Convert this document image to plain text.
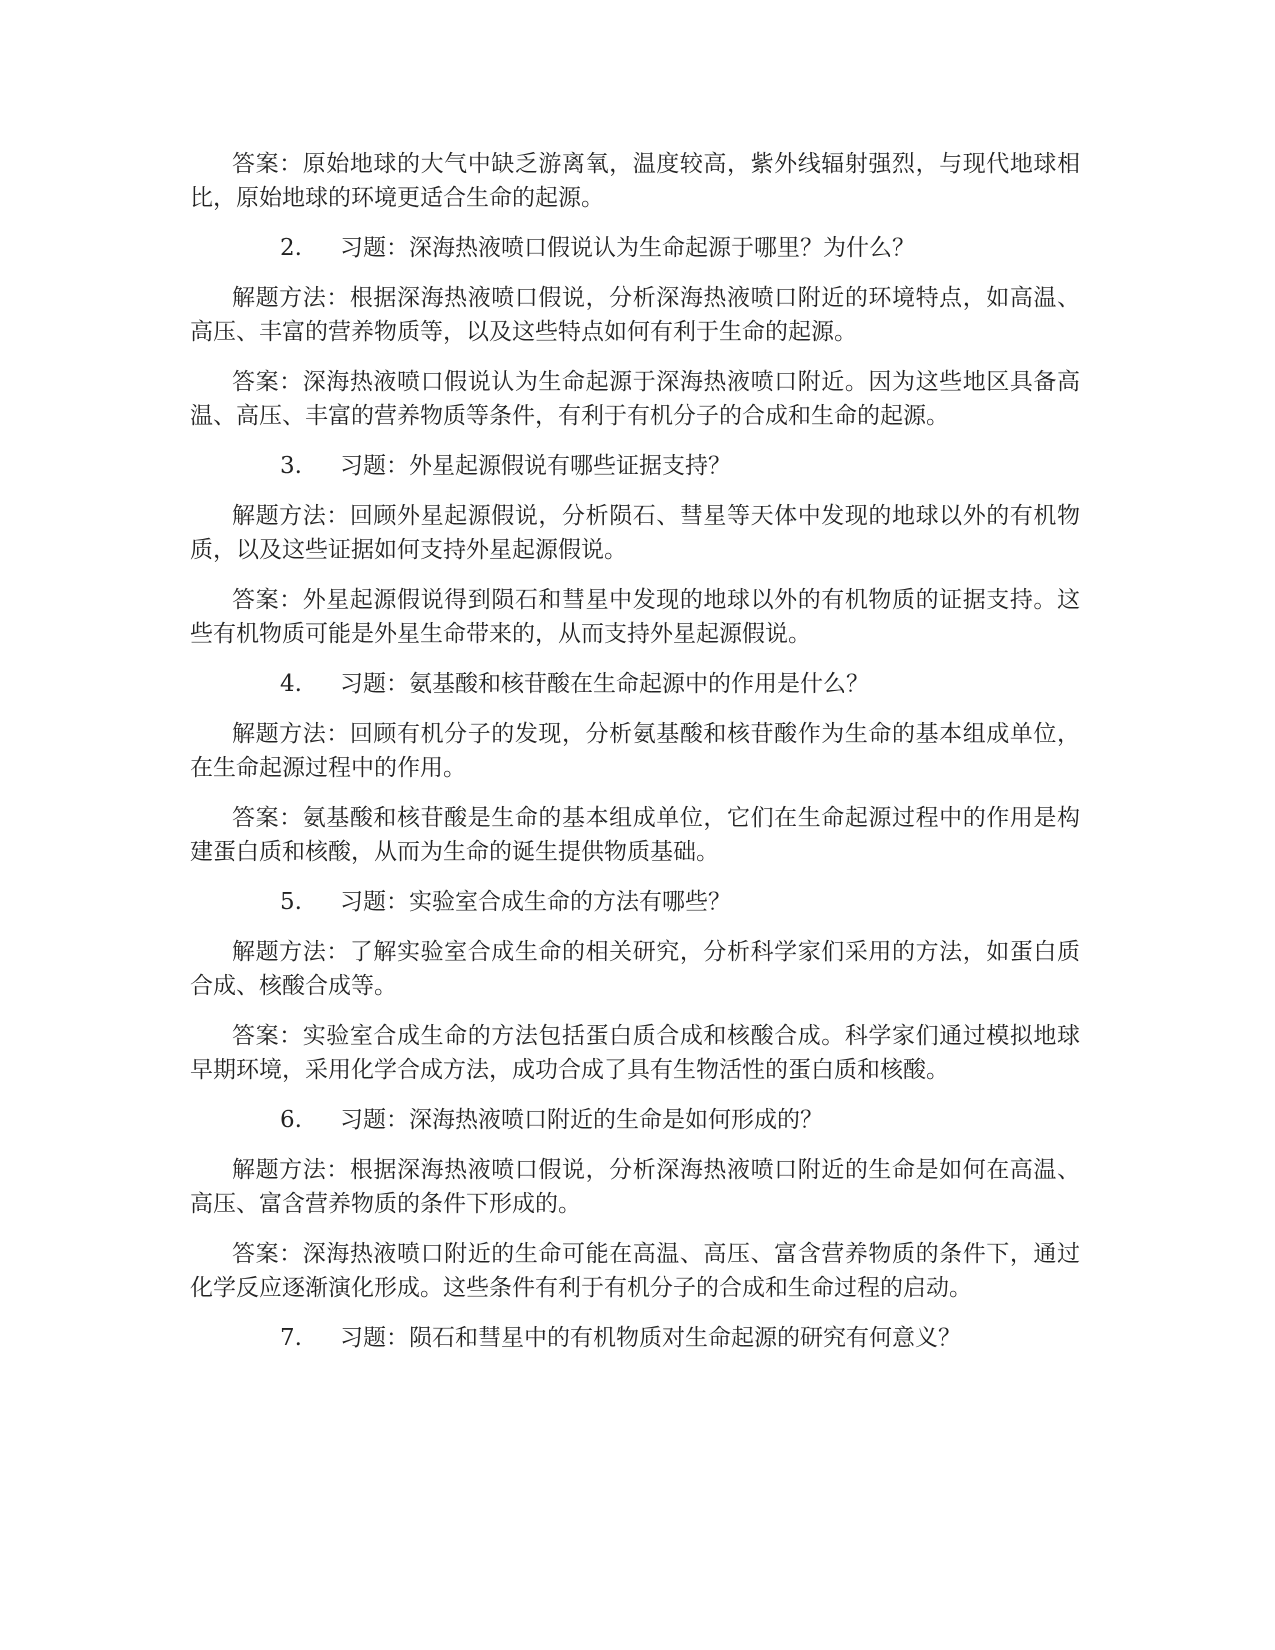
答案：原始地球的大气中缺乏游离氧，温度较高，紫外线辐射强烈，与现代地球相比，原始地球的环境更适合生命的起源。

2.	习题：深海热液喷口假说认为生命起源于哪里？为什么？

解题方法：根据深海热液喷口假说，分析深海热液喷口附近的环境特点，如高温、高压、丰富的营养物质等，以及这些特点如何有利于生命的起源。

答案：深海热液喷口假说认为生命起源于深海热液喷口附近。因为这些地区具备高温、高压、丰富的营养物质等条件，有利于有机分子的合成和生命的起源。

3.	习题：外星起源假说有哪些证据支持？

解题方法：回顾外星起源假说，分析陨石、彗星等天体中发现的地球以外的有机物质，以及这些证据如何支持外星起源假说。

答案：外星起源假说得到陨石和彗星中发现的地球以外的有机物质的证据支持。这些有机物质可能是外星生命带来的，从而支持外星起源假说。

4.	习题：氨基酸和核苷酸在生命起源中的作用是什么？

解题方法：回顾有机分子的发现，分析氨基酸和核苷酸作为生命的基本组成单位，在生命起源过程中的作用。

答案：氨基酸和核苷酸是生命的基本组成单位，它们在生命起源过程中的作用是构建蛋白质和核酸，从而为生命的诞生提供物质基础。

5.	习题：实验室合成生命的方法有哪些？

解题方法：了解实验室合成生命的相关研究，分析科学家们采用的方法，如蛋白质合成、核酸合成等。

答案：实验室合成生命的方法包括蛋白质合成和核酸合成。科学家们通过模拟地球早期环境，采用化学合成方法，成功合成了具有生物活性的蛋白质和核酸。

6.	习题：深海热液喷口附近的生命是如何形成的？

解题方法：根据深海热液喷口假说，分析深海热液喷口附近的生命是如何在高温、高压、富含营养物质的条件下形成的。

答案：深海热液喷口附近的生命可能在高温、高压、富含营养物质的条件下，通过化学反应逐渐演化形成。这些条件有利于有机分子的合成和生命过程的启动。

7.	习题：陨石和彗星中的有机物质对生命起源的研究有何意义？
